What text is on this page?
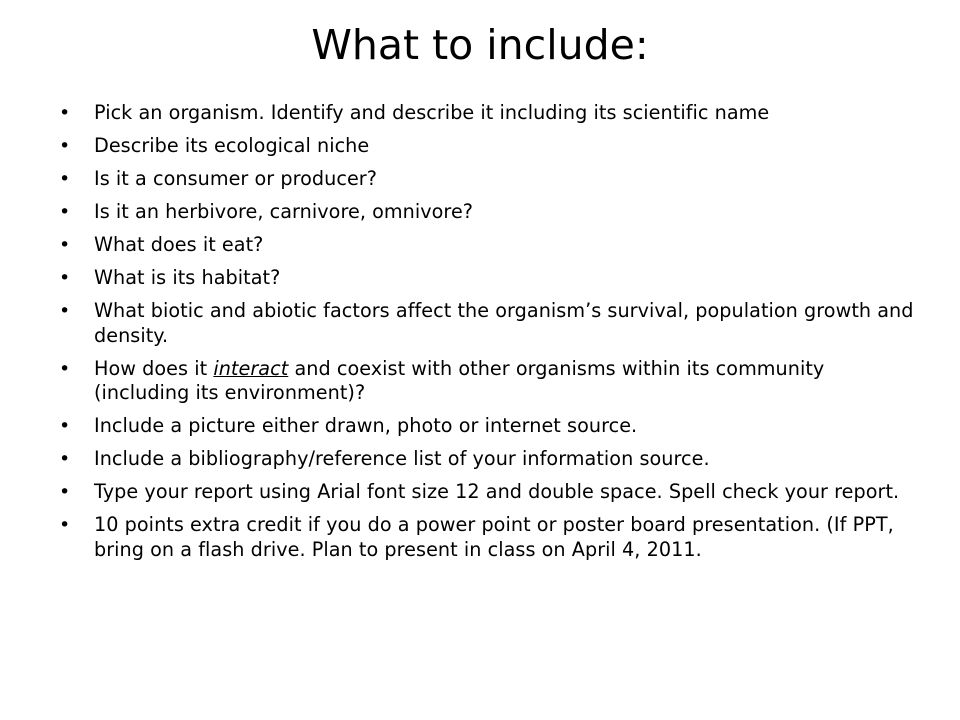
What to include:
• Pick an organism. Identify and describe it including its scientific name
• Describe its ecological niche
• Is it a consumer or producer?
• Is it an herbivore, carnivore, omnivore?
• What does it eat?
• What is its habitat?
• What biotic and abiotic factors affect the organism’s survival, population growth and density.
• How does it interact and coexist with other organisms within its community (including its environment)?
• Include a picture either drawn, photo or internet source.
• Include a bibliography/reference list of your information source.
• Type your report using Arial font size 12 and double space. Spell check your report.
• 10 points extra credit if you do a power point or poster board presentation. (If PPT, bring on a flash drive. Plan to present in class on April 4, 2011.
